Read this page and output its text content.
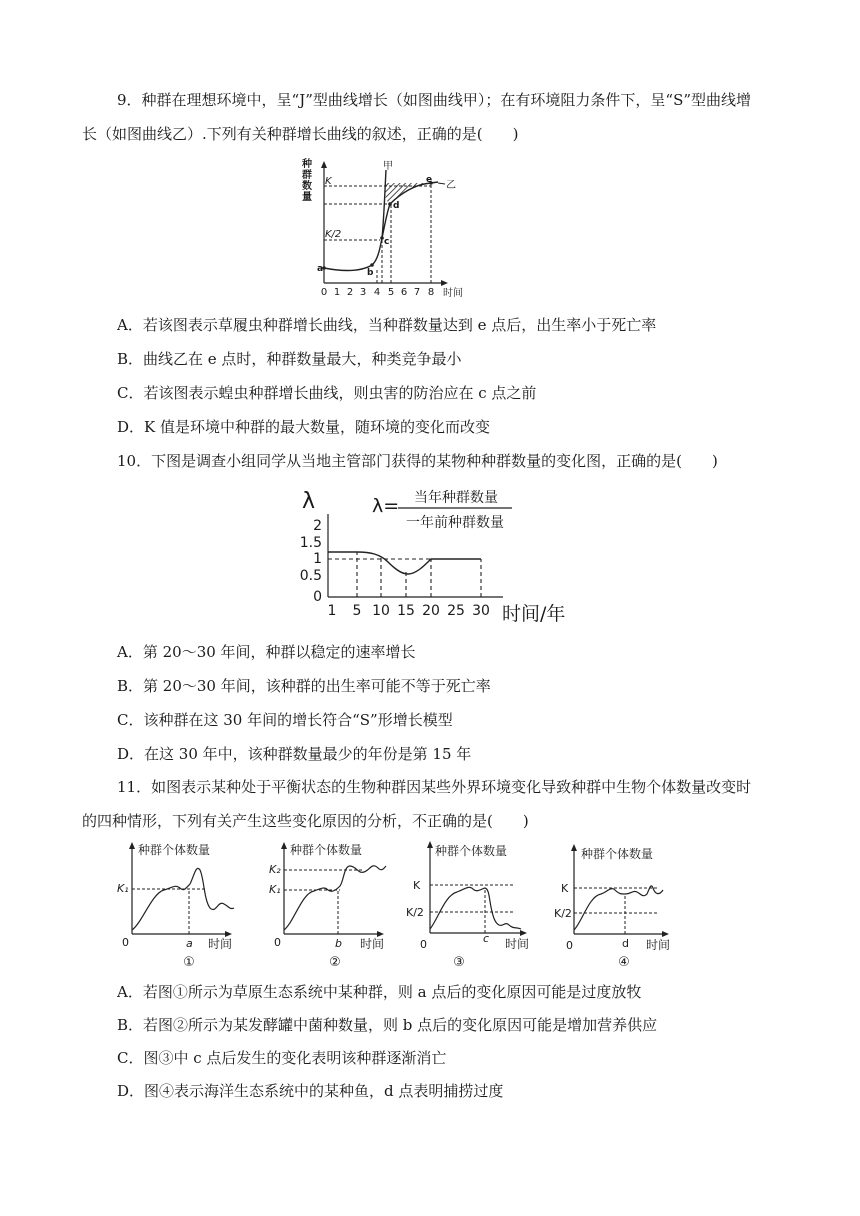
9．种群在理想环境中，呈“J”型曲线增长（如图曲线甲）；在有环境阻力条件下，呈“S”型曲线增
长（如图曲线乙）.下列有关种群增长曲线的叙述，正确的是(　　)
种
群
数
量
K
K/2
甲
乙
a	b
c
d
e
0 1 2 3 4 5 6 7 8 时间
A．若该图表示草履虫种群增长曲线，当种群数量达到 e 点后，出生率小于死亡率
B．曲线乙在 e 点时，种群数量最大，种类竞争最小
C．若该图表示蝗虫种群增长曲线，则虫害的防治应在 c 点之前
D．K 值是环境中种群的最大数量，随环境的变化而改变
10．下图是调查小组同学从当地主管部门获得的某物种种群数量的变化图，正确的是(　　)
λ	λ= 当年种群数量
一年前种群数量
2
1.5
1
0.5
0
1 5 10 15 20 25 30 时间/年
A．第 20～30 年间，种群以稳定的速率增长
B．第 20～30 年间，该种群的出生率可能不等于死亡率
C．该种群在这 30 年间的增长符合“S”形增长模型
D．在这 30 年中，该种群数量最少的年份是第 15 年
11．如图表示某种处于平衡状态的生物种群因某些外界环境变化导致种群中生物个体数量改变时
的四种情形，下列有关产生这些变化原因的分析，不正确的是(　　)
种群个体数量
K₁
0	a 时间
①
种群个体数量
K₂
K₁
0	b 时间
②
种群个体数量
K
K/2
0	c 时间
③
种群个体数量
K
K/2
0	d 时间
④
A．若图①所示为草原生态系统中某种群，则 a 点后的变化原因可能是过度放牧
B．若图②所示为某发酵罐中菌种数量，则 b 点后的变化原因可能是增加营养供应
C．图③中 c 点后发生的变化表明该种群逐渐消亡
D．图④表示海洋生态系统中的某种鱼，d 点表明捕捞过度
